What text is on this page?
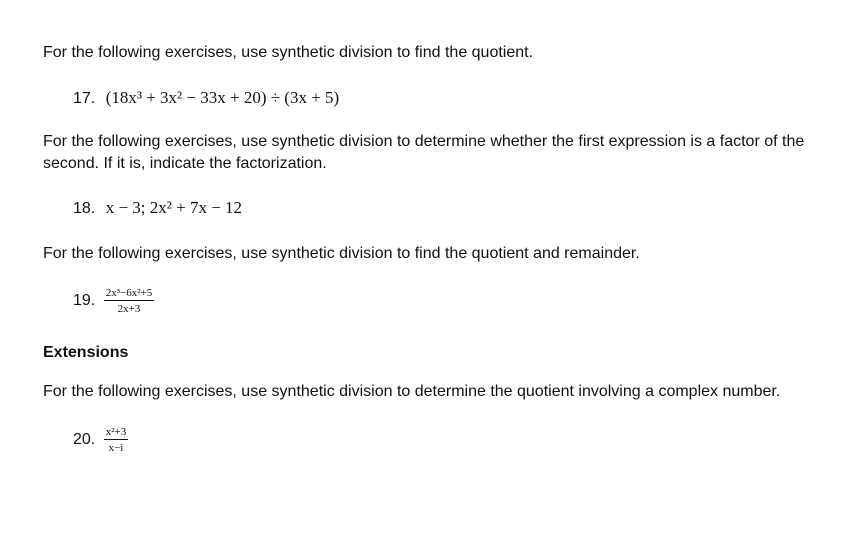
For the following exercises, use synthetic division to find the quotient.
17. (18x³ + 3x² − 33x + 20) ÷ (3x + 5)
For the following exercises, use synthetic division to determine whether the first expression is a factor of the second. If it is, indicate the factorization.
18. x − 3; 2x² + 7x − 12
For the following exercises, use synthetic division to find the quotient and remainder.
19. $\frac{\text{2x³−6x²+5}}{2x+3}$
Extensions
For the following exercises, use synthetic division to determine the quotient involving a complex number.
20. $\frac{\text{x²+3}}{x-i}$
